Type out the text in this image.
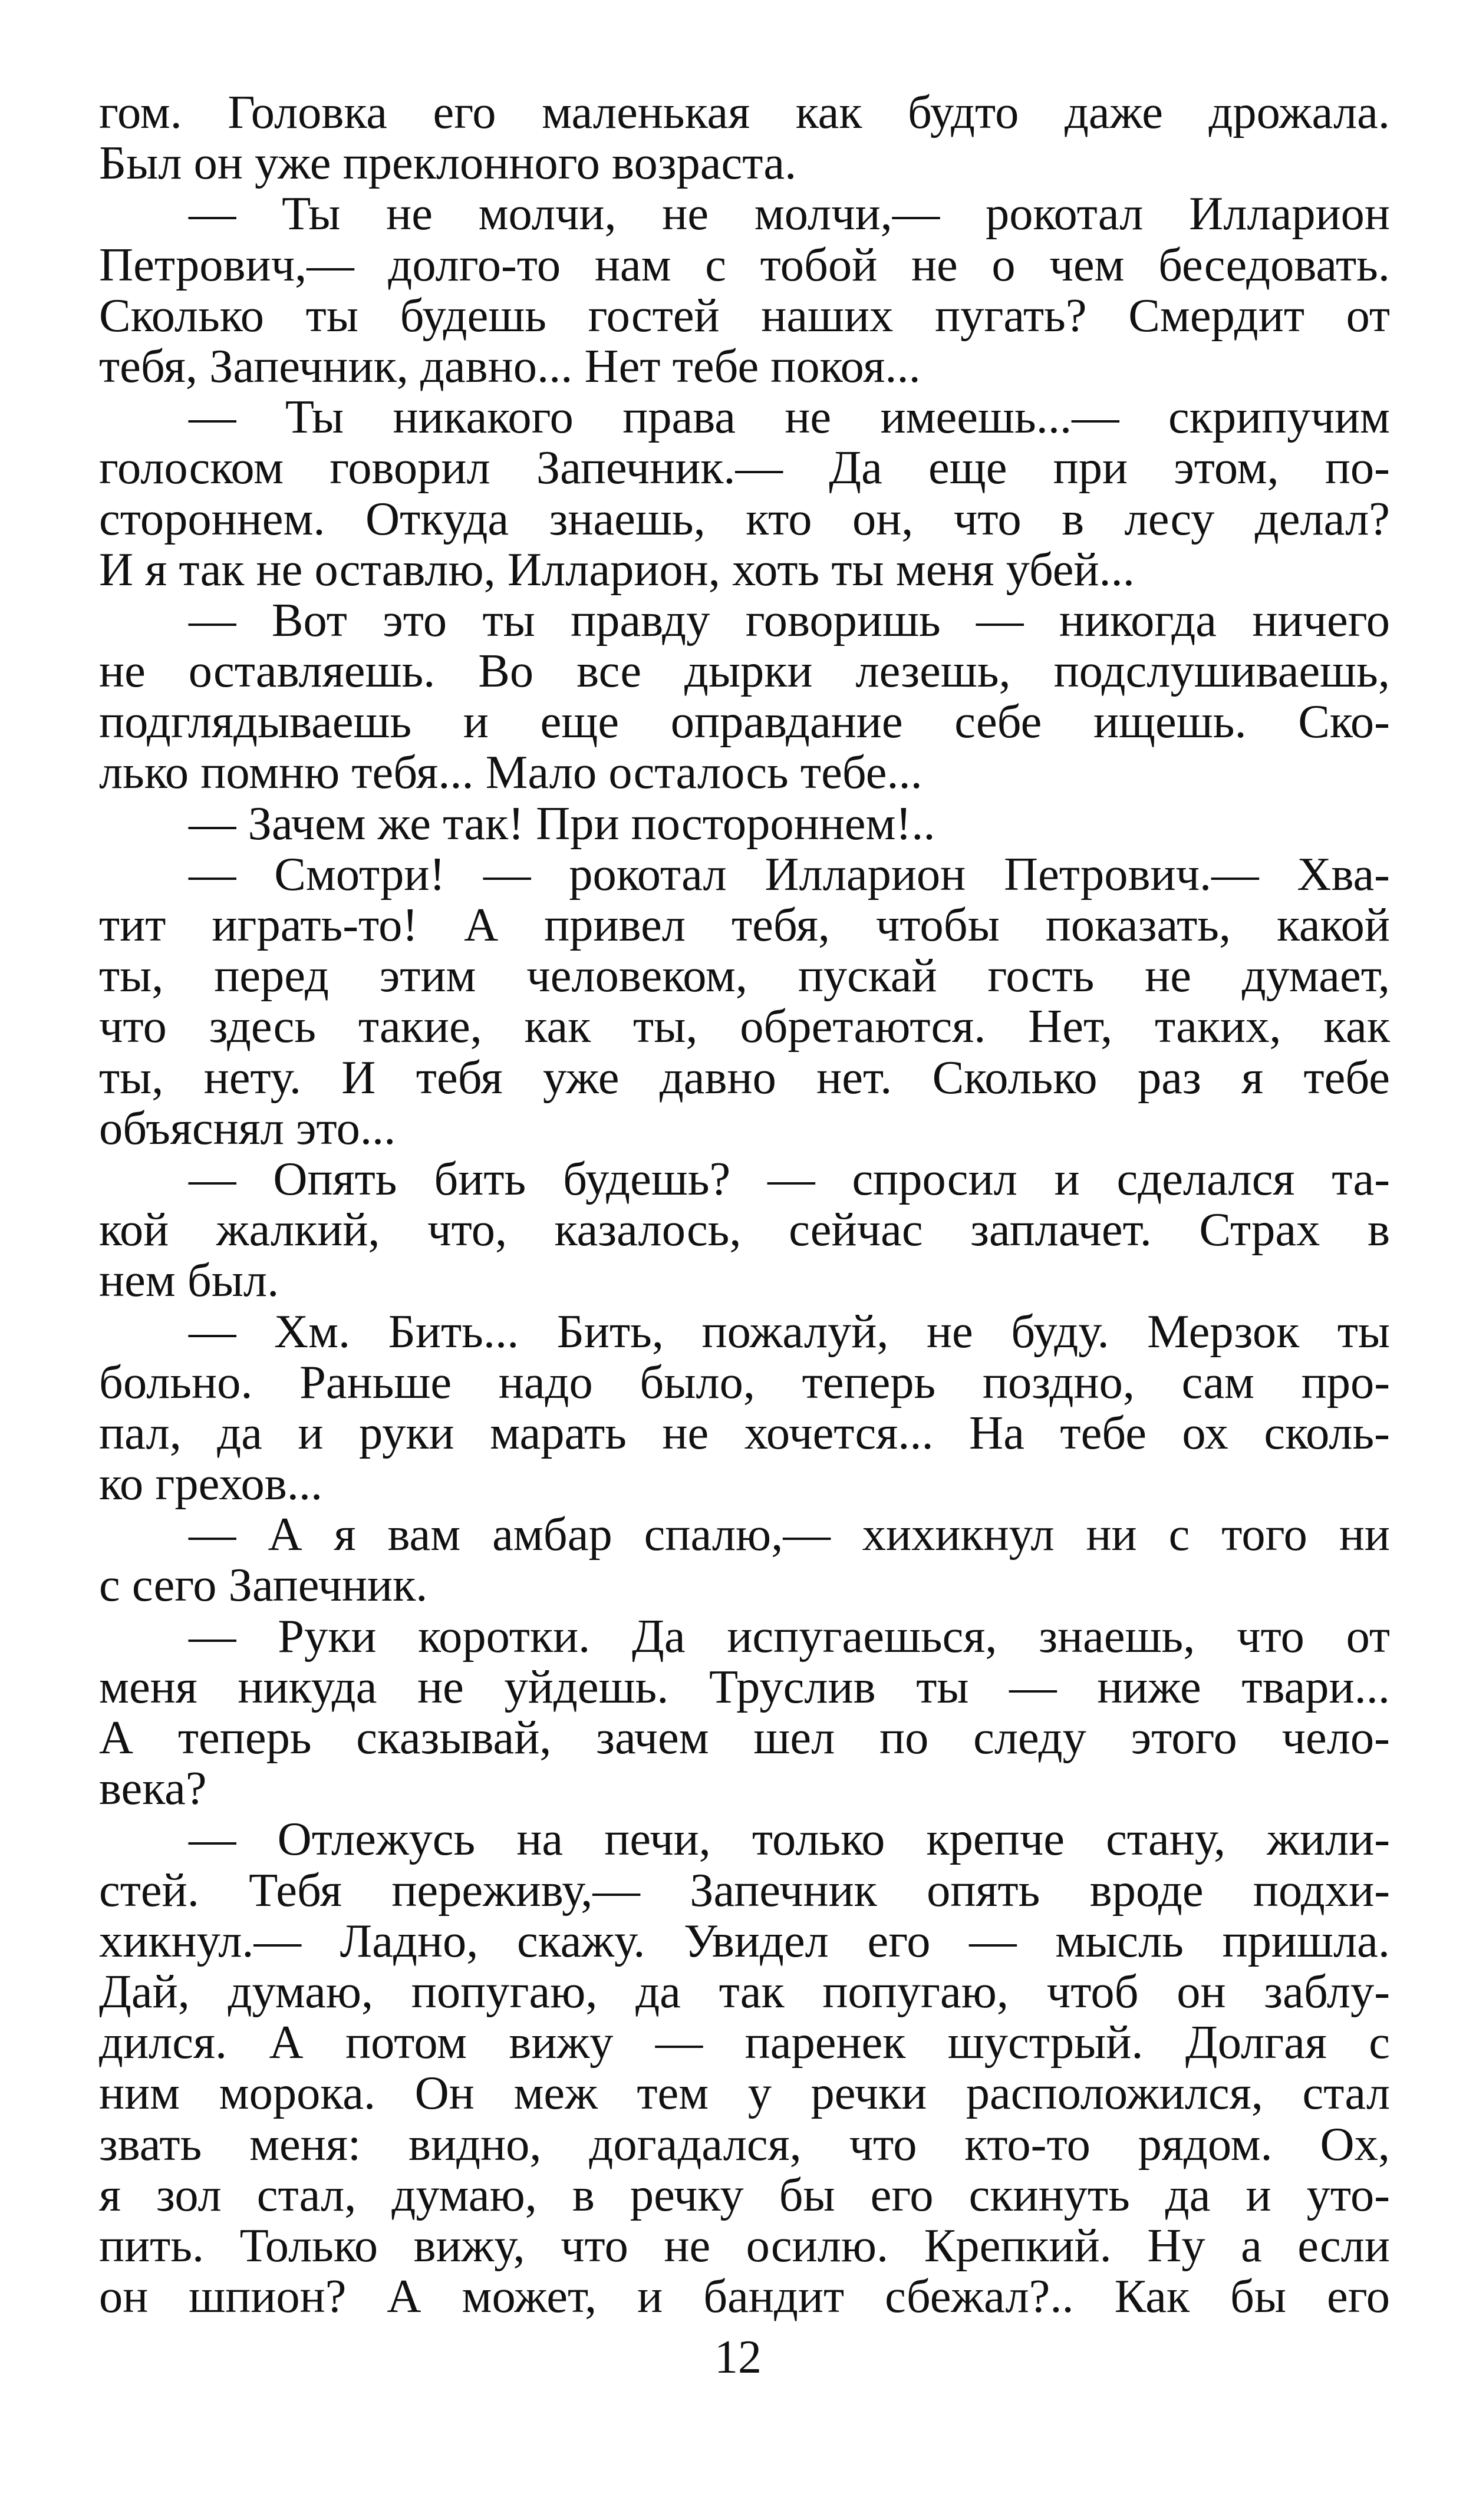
гом. Головка его маленькая как будто даже дрожала.
Был он уже преклонного возраста.
— Ты не молчи, не молчи,— рокотал Илларион
Петрович,— долго-то нам с тобой не о чем беседовать.
Сколько ты будешь гостей наших пугать? Смердит от
тебя, Запечник, давно... Нет тебе покоя...
— Ты никакого права не имеешь...— скрипучим
голоском говорил Запечник.— Да еще при этом, по-
стороннем. Откуда знаешь, кто он, что в лесу делал?
И я так не оставлю, Илларион, хоть ты меня убей...
— Вот это ты правду говоришь — никогда ничего
не оставляешь. Во все дырки лезешь, подслушиваешь,
подглядываешь и еще оправдание себе ищешь. Ско-
лько помню тебя... Мало осталось тебе...
— Зачем же так! При постороннем!..
— Смотри! — рокотал Илларион Петрович.— Хва-
тит играть-то! А привел тебя, чтобы показать, какой
ты, перед этим человеком, пускай гость не думает,
что здесь такие, как ты, обретаются. Нет, таких, как
ты, нету. И тебя уже давно нет. Сколько раз я тебе
объяснял это...
— Опять бить будешь? — спросил и сделался та-
кой жалкий, что, казалось, сейчас заплачет. Страх в
нем был.
— Хм. Бить... Бить, пожалуй, не буду. Мерзок ты
больно. Раньше надо было, теперь поздно, сам про-
пал, да и руки марать не хочется... На тебе ох сколь-
ко грехов...
— А я вам амбар спалю,— хихикнул ни с того ни
с сего Запечник.
— Руки коротки. Да испугаешься, знаешь, что от
меня никуда не уйдешь. Труслив ты — ниже твари...
А теперь сказывай, зачем шел по следу этого чело-
века?
— Отлежусь на печи, только крепче стану, жили-
стей. Тебя переживу,— Запечник опять вроде подхи-
хикнул.— Ладно, скажу. Увидел его — мысль пришла.
Дай, думаю, попугаю, да так попугаю, чтоб он заблу-
дился. А потом вижу — паренек шустрый. Долгая с
ним морока. Он меж тем у речки расположился, стал
звать меня: видно, догадался, что кто-то рядом. Ох,
я зол стал, думаю, в речку бы его скинуть да и уто-
пить. Только вижу, что не осилю. Крепкий. Ну а если
он шпион? А может, и бандит сбежал?.. Как бы его
12
